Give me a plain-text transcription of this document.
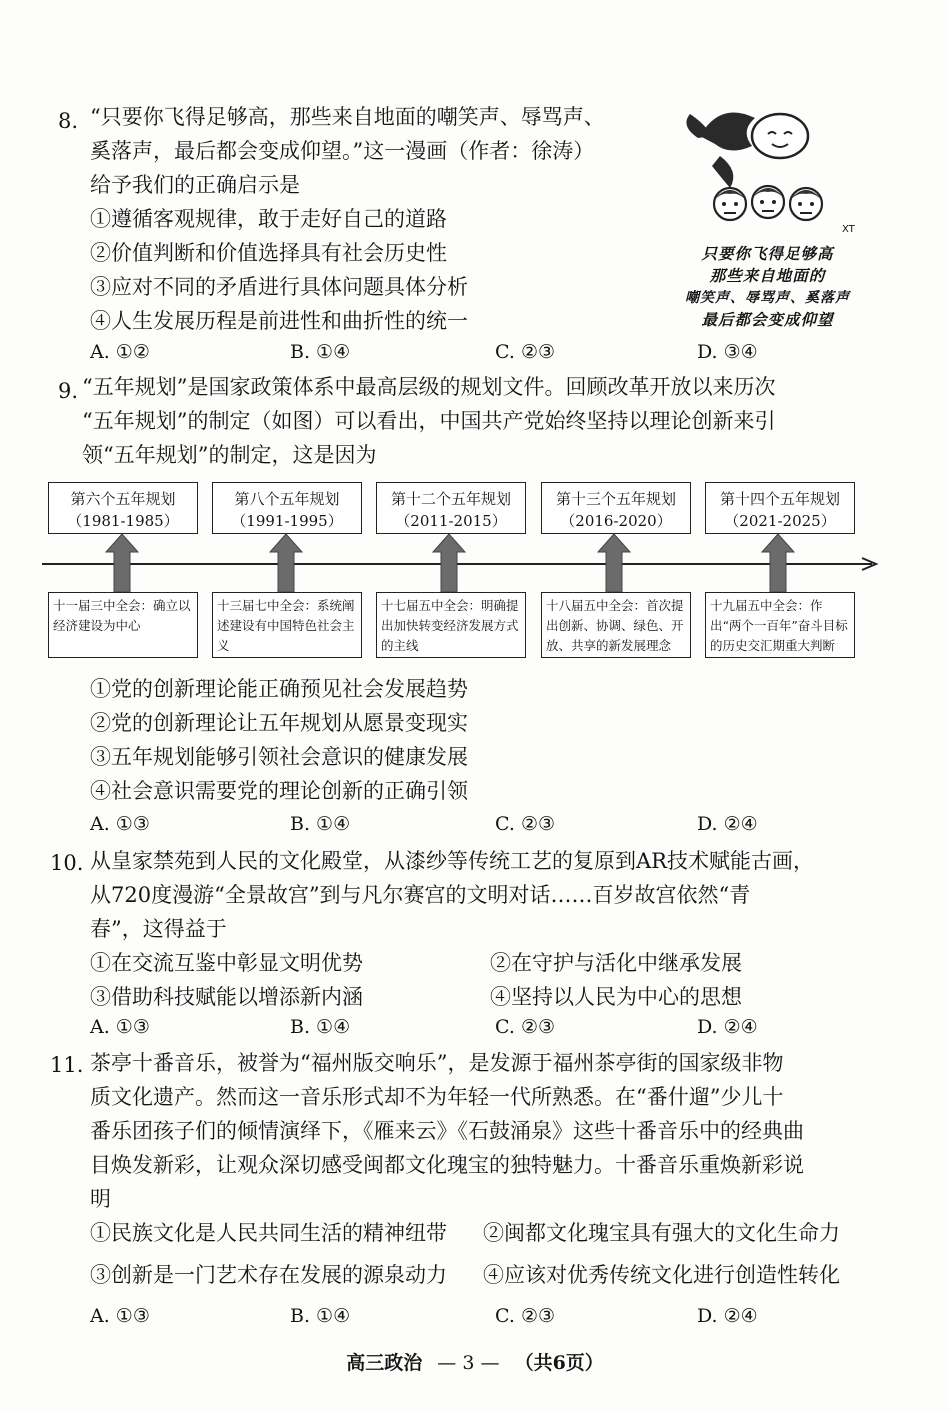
8. “只要你飞得足够高，那些来自地面的嘲笑声、辱骂声、
奚落声，最后都会变成仰望。”这一漫画（作者：徐涛）
给予我们的正确启示是
①遵循客观规律，敢于走好自己的道路
②价值判断和价值选择具有社会历史性
③应对不同的矛盾进行具体问题具体分析
④人生发展历程是前进性和曲折性的统一
A. ①②	B. ①④	C. ②③	D. ③④
XT
只要你飞得足够高
那些来自地面的
嘲笑声、辱骂声、奚落声
最后都会变成仰望
9. “五年规划”是国家政策体系中最高层级的规划文件。回顾改革开放以来历次
“五年规划”的制定（如图）可以看出，中国共产党始终坚持以理论创新来引
领“五年规划”的制定，这是因为
第六个五年规划
（1981-1985）
第八个五年规划
（1991-1995）
第十二个五年规划
（2011-2015）
第十三个五年规划
（2016-2020）
第十四个五年规划
（2021-2025）
十一届三中全会：确立以经济建设为中心
十三届七中全会：系统阐述建设有中国特色社会主义
十七届五中全会：明确提出加快转变经济发展方式的主线
十八届五中全会：首次提出创新、协调、绿色、开放、共享的新发展理念
十九届五中全会：作出“两个一百年”奋斗目标的历史交汇期重大判断
①党的创新理论能正确预见社会发展趋势
②党的创新理论让五年规划从愿景变现实
③五年规划能够引领社会意识的健康发展
④社会意识需要党的理论创新的正确引领
A. ①③	B. ①④	C. ②③	D. ②④
10. 从皇家禁苑到人民的文化殿堂，从漆纱等传统工艺的复原到AR技术赋能古画，
从720度漫游“全景故宫”到与凡尔赛宫的文明对话……百岁故宫依然“青
春”，这得益于
①在交流互鉴中彰显文明优势	②在守护与活化中继承发展
③借助科技赋能以增添新内涵	④坚持以人民为中心的思想
A. ①③	B. ①④	C. ②③	D. ②④
11. 茶亭十番音乐，被誉为“福州版交响乐”，是发源于福州茶亭街的国家级非物
质文化遗产。然而这一音乐形式却不为年轻一代所熟悉。在“番什遛”少儿十
番乐团孩子们的倾情演绎下，《雁来云》《石鼓涌泉》这些十番音乐中的经典曲
目焕发新彩，让观众深切感受闽都文化瑰宝的独特魅力。十番音乐重焕新彩说
明
①民族文化是人民共同生活的精神纽带 ②闽都文化瑰宝具有强大的文化生命力
③创新是一门艺术存在发展的源泉动力 ④应该对优秀传统文化进行创造性转化
A. ①③	B. ①④	C. ②③	D. ②④
高三政治 — 3 — （共6页）
